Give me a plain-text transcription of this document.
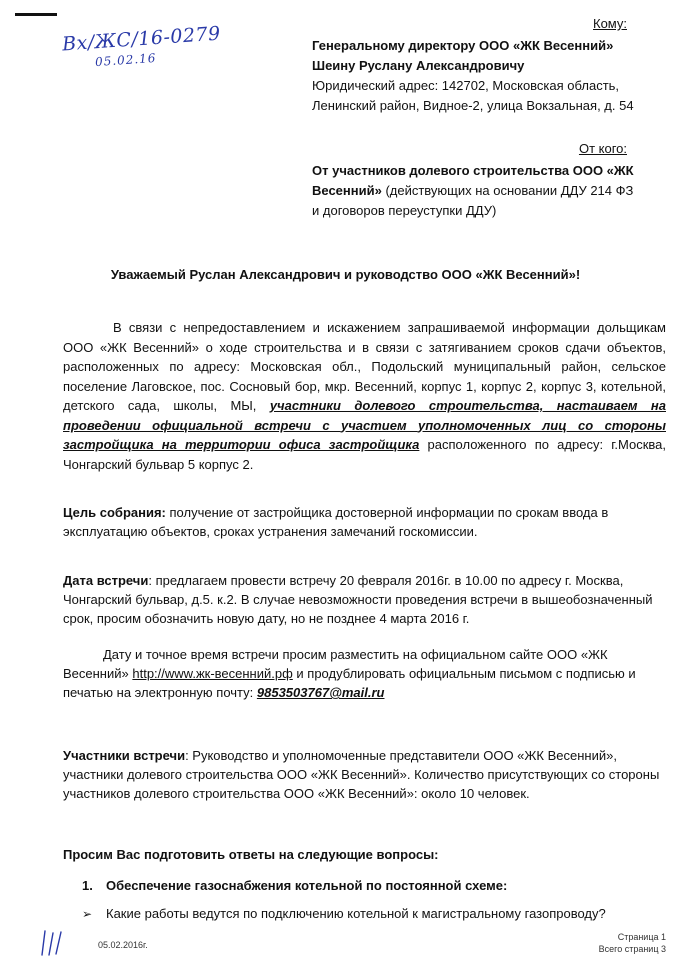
Вх/ЖС/16-0279
05.02.16
Кому:
Генеральному директору ООО «ЖК Весенний»
Шеину Руслану Александровичу
Юридический адрес: 142702, Московская область, Ленинский район, Видное-2, улица Вокзальная, д. 54
От кого:
От участников долевого строительства ООО «ЖК Весенний» (действующих на основании ДДУ 214 ФЗ и договоров переуступки ДДУ)
Уважаемый Руслан Александрович и руководство ООО «ЖК Весенний»!
В связи с непредоставлением и искажением запрашиваемой информации дольщикам ООО «ЖК Весенний» о ходе строительства и в связи с затягиванием сроков сдачи объектов, расположенных по адресу: Московская обл., Подольский муниципальный район, сельское поселение Лаговское, пос. Сосновый бор, мкр. Весенний, корпус 1, корпус 2, корпус 3, котельной, детского сада, школы, МЫ, участники долевого строительства, настаиваем на проведении официальной встречи с участием уполномоченных лиц со стороны застройщика на территории офиса застройщика расположенного по адресу: г.Москва, Чонгарский бульвар 5 корпус 2.
Цель собрания: получение от застройщика достоверной информации по срокам ввода в эксплуатацию объектов, сроках устранения замечаний госкомиссии.
Дата встречи: предлагаем провести встречу 20 февраля 2016г. в 10.00 по адресу г. Москва, Чонгарский бульвар, д.5. к.2. В случае невозможности проведения встречи в вышеобозначенный срок, просим обозначить новую дату, но не позднее 4 марта 2016 г.
Дату и точное время встречи просим разместить на официальном сайте ООО «ЖК Весенний» http://www.жк-весенний.рф и продублировать официальным письмом с подписью и печатью на электронную почту: 9853503767@mail.ru
Участники встречи: Руководство и уполномоченные представители ООО «ЖК Весенний», участники долевого строительства ООО «ЖК Весенний». Количество присутствующих со стороны участников долевого строительства ООО «ЖК Весенний»: около 10 человек.
Просим Вас подготовить ответы на следующие вопросы:
1. Обеспечение газоснабжения котельной по постоянной схеме:
➢ Какие работы ведутся по подключению котельной к магистральному газопроводу?
05.02.2016г.
Страница 1
Всего страниц 3
